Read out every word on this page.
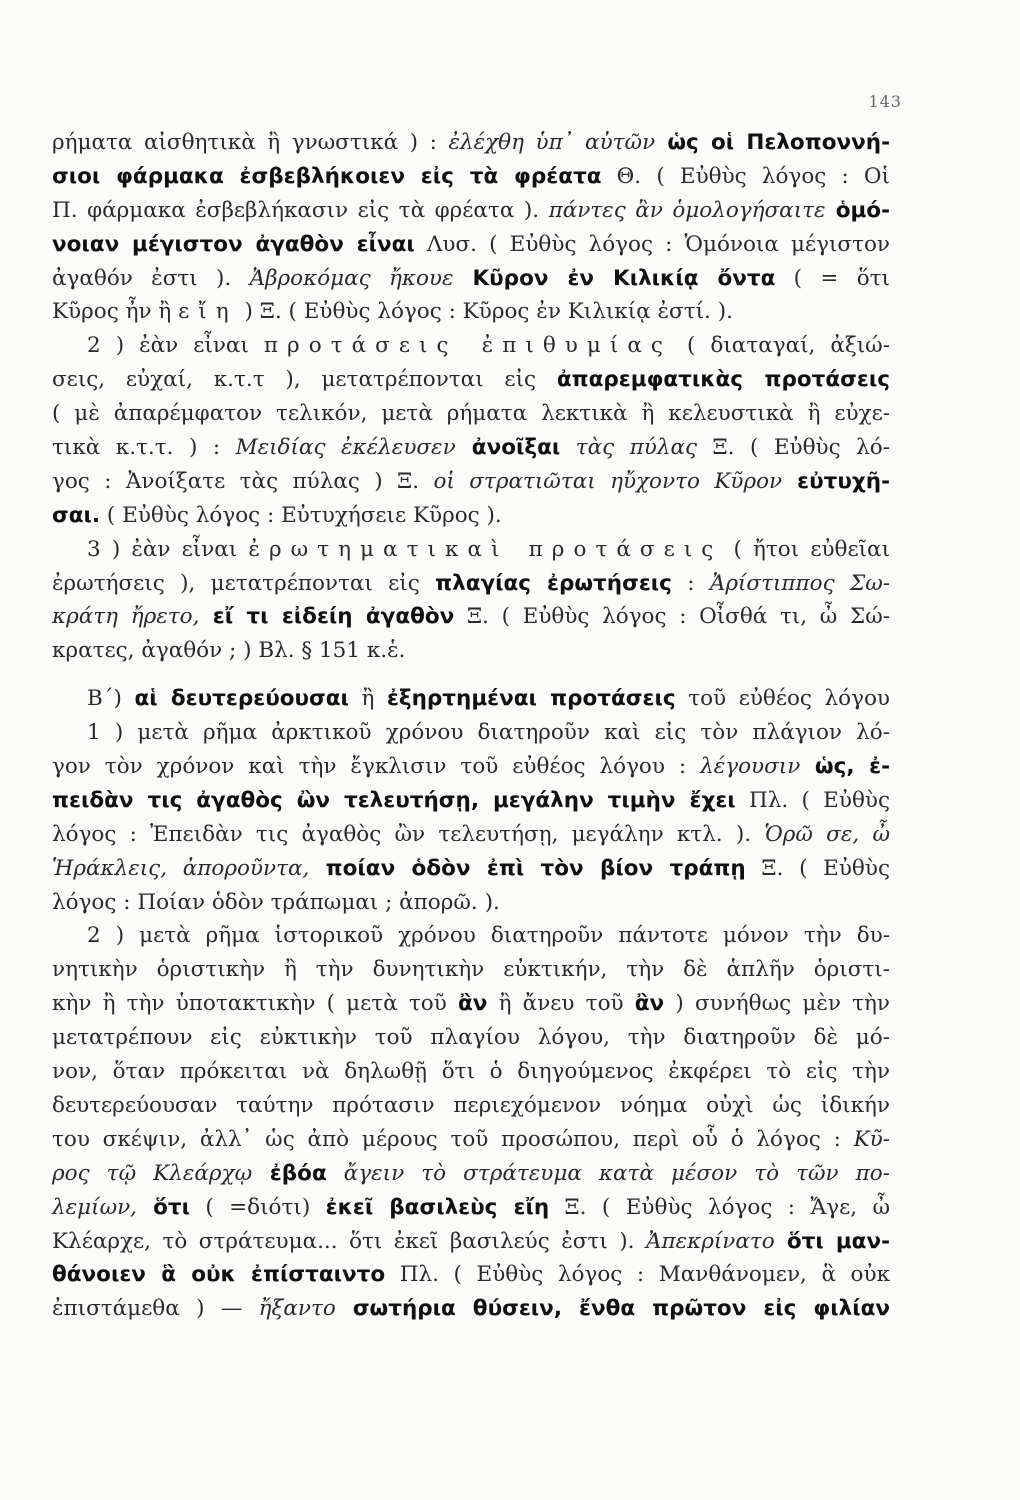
143
ρήματα αἰσθητικὰ ἢ γνωστικά ) : ἐλέχθη ὑπ᾽ αὐτῶν ὡς οἱ Πελοποννή-
σιοι φάρμακα ἐσβεβλήκοιεν εἰς τὰ φρέατα Θ. ( Εὐθὺς λόγος : Οἱ
Π. φάρμακα ἐσβεβλήκασιν εἰς τὰ φρέατα ). πάντες ἂν ὁμολογήσαιτε ὁμό-
νοιαν μέγιστον ἀγαθὸν εἶναι Λυσ. ( Εὐθὺς λόγος : Ὁμόνοια μέγιστον
ἀγαθόν ἐστι ). Ἀβροκόμας ἤκουε Κῦρον ἐν Κιλικίᾳ ὄντα ( = ὅτι
Κῦρος ἦν ἢ εἴη ) Ξ. ( Εὐθὺς λόγος : Κῦρος ἐν Κιλικίᾳ ἐστί. ).
2 ) ἐὰν εἶναι προτάσεις ἐπιθυμίας ( διαταγαί, ἀξιώ-
σεις, εὐχαί, κ.τ.τ ), μετατρέπονται εἰς ἀπαρεμφατικὰς προτάσεις
( μὲ ἀπαρέμφατον τελικόν, μετὰ ρήματα λεκτικὰ ἢ κελευστικὰ ἢ εὐχε-
τικὰ κ.τ.τ. ) : Μειδίας ἐκέλευσεν ἀνοῖξαι τὰς πύλας Ξ. ( Εὐθὺς λό-
γος : Ἀνοίξατε τὰς πύλας ) Ξ. οἱ στρατιῶται ηὔχοντο Κῦρον εὐτυχῆ-
σαι. ( Εὐθὺς λόγος : Εὐτυχήσειε Κῦρος ).
3 ) ἐὰν εἶναι ἐρωτηματικαὶ προτάσεις ( ἤτοι εὐθεῖαι
ἐρωτήσεις ), μετατρέπονται εἰς πλαγίας ἐρωτήσεις : Ἀρίστιππος Σω-
κράτη ἤρετο, εἴ τι εἰδείη ἀγαθὸν Ξ. ( Εὐθὺς λόγος : Οἶσθά τι, ὦ Σώ-
κρατες, ἀγαθόν ; ) Βλ. § 151 κ.ἑ.
Β΄) αἱ δευτερεύουσαι ἢ ἐξηρτημέναι προτάσεις τοῦ εὐθέος λόγου
1 ) μετὰ ρῆμα ἀρκτικοῦ χρόνου διατηροῦν καὶ εἰς τὸν πλάγιον λό-
γον τὸν χρόνον καὶ τὴν ἔγκλισιν τοῦ εὐθέος λόγου : λέγουσιν ὡς, ἐ-
πειδὰν τις ἀγαθὸς ὢν τελευτήσῃ, μεγάλην τιμὴν ἔχει Πλ. ( Εὐθὺς
λόγος : Ἐπειδὰν τις ἀγαθὸς ὢν τελευτήσῃ, μεγάλην κτλ. ). Ὁρῶ σε, ὦ
Ἡράκλεις, ἀποροῦντα, ποίαν ὁδὸν ἐπὶ τὸν βίον τράπῃ Ξ. ( Εὐθὺς
λόγος : Ποίαν ὁδὸν τράπωμαι ; ἀπορῶ. ).
2 ) μετὰ ρῆμα ἱστορικοῦ χρόνου διατηροῦν πάντοτε μόνον τὴν δυ-
νητικὴν ὁριστικὴν ἢ τὴν δυνητικὴν εὐκτικήν, τὴν δὲ ἁπλῆν ὁριστι-
κὴν ἢ τὴν ὑποτακτικὴν ( μετὰ τοῦ ἂν ἢ ἄνευ τοῦ ἂν ) συνήθως μὲν τὴν
μετατρέπουν εἰς εὐκτικὴν τοῦ πλαγίου λόγου, τὴν διατηροῦν δὲ μό-
νον, ὅταν πρόκειται νὰ δηλωθῇ ὅτι ὁ διηγούμενος ἐκφέρει τὸ εἰς τὴν
δευτερεύουσαν ταύτην πρότασιν περιεχόμενον νόημα οὐχὶ ὡς ἰδικήν
του σκέψιν, ἀλλ᾽ ὡς ἀπὸ μέρους τοῦ προσώπου, περὶ οὗ ὁ λόγος : Κῦ-
ρος τῷ Κλεάρχῳ ἐβόα ἄγειν τὸ στράτευμα κατὰ μέσον τὸ τῶν πο-
λεμίων, ὅτι ( =διότι) ἐκεῖ βασιλεὺς εἴη Ξ. ( Εὐθὺς λόγος : Ἄγε, ὦ
Κλέαρχε, τὸ στράτευμα... ὅτι ἐκεῖ βασιλεύς ἐστι ). Ἀπεκρίνατο ὅτι μαν-
θάνοιεν ἃ οὐκ ἐπίσταιντο Πλ. ( Εὐθὺς λόγος : Μανθάνομεν, ἃ οὐκ
ἐπιστάμεθα ) — ἤξαντο σωτήρια θύσειν, ἔνθα πρῶτον εἰς φιλίαν
